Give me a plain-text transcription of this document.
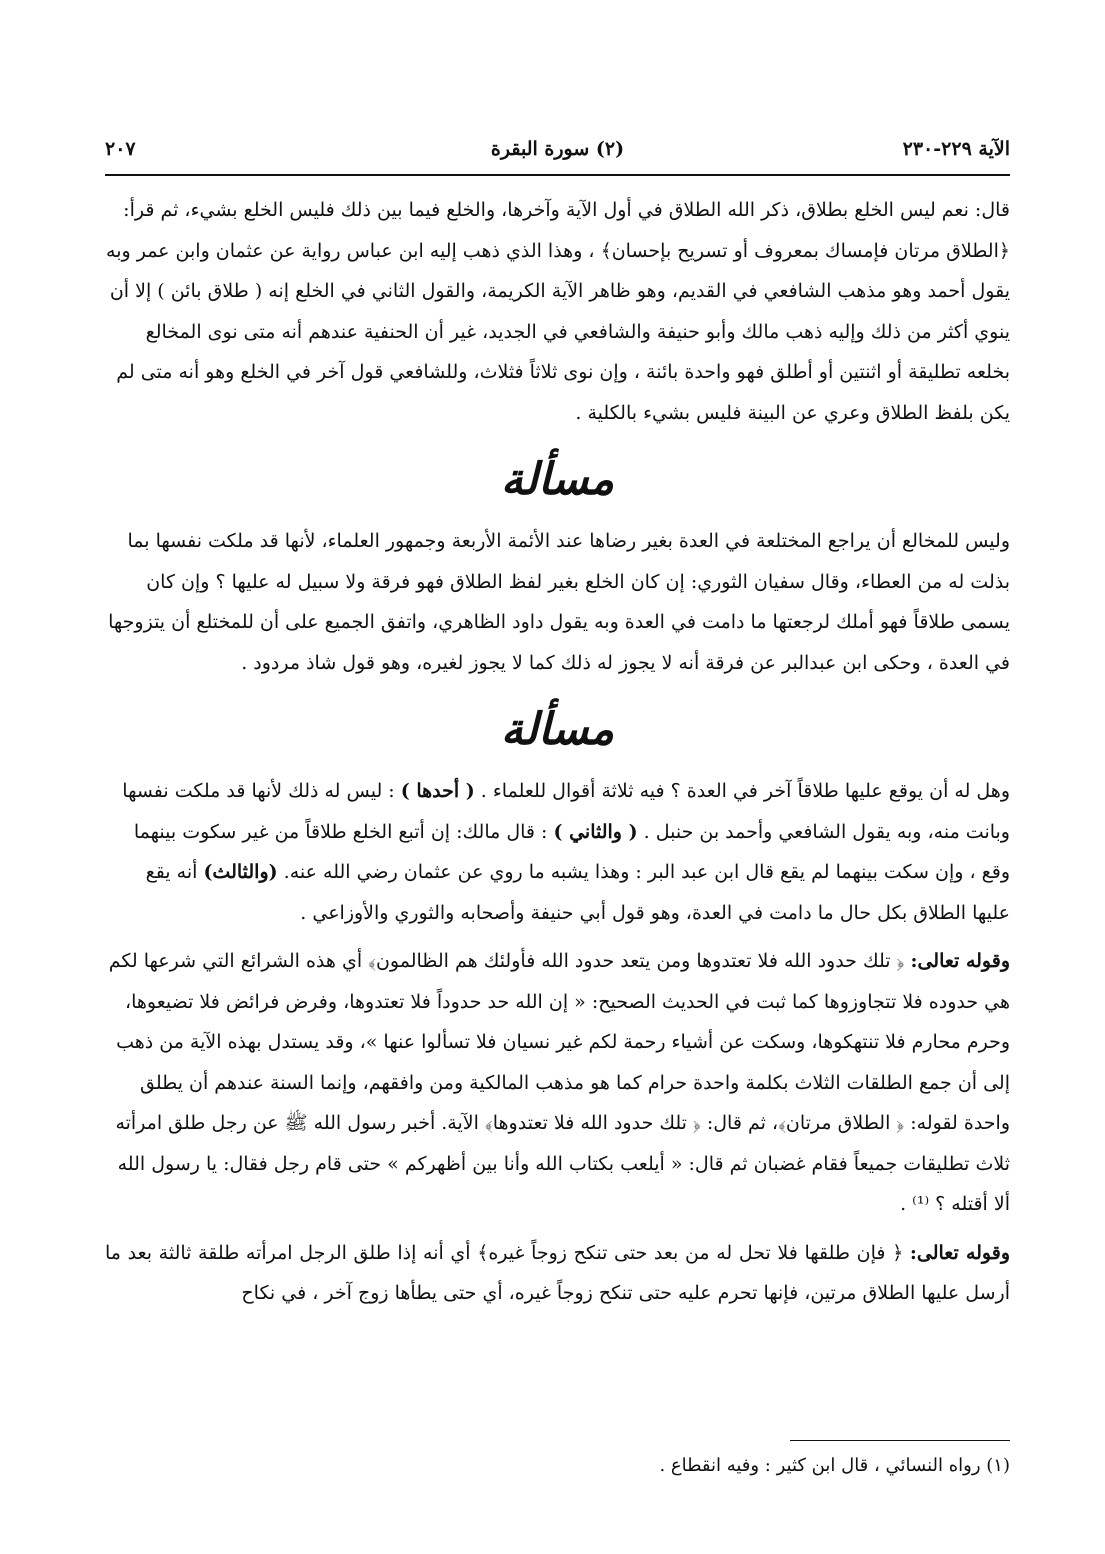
الآية ٢٢٩-٢٣٠
(٢) سورة البقرة
٢٠٧

قال: نعم ليس الخلع بطلاق، ذكر الله الطلاق في أول الآية وآخرها، والخلع فيما بين ذلك فليس الخلع بشيء، ثم قرأ: ﴿الطلاق مرتان فإمساك بمعروف أو تسريح بإحسان﴾ ، وهذا الذي ذهب إليه ابن عباس رواية عن عثمان وابن عمر وبه يقول أحمد وهو مذهب الشافعي في القديم، وهو ظاهر الآية الكريمة، والقول الثاني في الخلع إنه ( طلاق بائن ) إلا أن ينوي أكثر من ذلك وإليه ذهب مالك وأبو حنيفة والشافعي في الجديد، غير أن الحنفية عندهم أنه متى نوى المخالع بخلعه تطليقة أو اثنتين أو أطلق فهو واحدة بائنة ، وإن نوى ثلاثاً فثلاث، وللشافعي قول آخر في الخلع وهو أنه متى لم يكن بلفظ الطلاق وعري عن البينة فليس بشيء بالكلية .

مسألة

وليس للمخالع أن يراجع المختلعة في العدة بغير رضاها عند الأئمة الأربعة وجمهور العلماء، لأنها قد ملكت نفسها بما بذلت له من العطاء، وقال سفيان الثوري: إن كان الخلع بغير لفظ الطلاق فهو فرقة ولا سبيل له عليها ؟ وإن كان يسمى طلاقاً فهو أملك لرجعتها ما دامت في العدة وبه يقول داود الظاهري، واتفق الجميع على أن للمختلع أن يتزوجها في العدة ، وحكى ابن عبدالبر عن فرقة أنه لا يجوز له ذلك كما لا يجوز لغيره، وهو قول شاذ مردود .

مسألة

وهل له أن يوقع عليها طلاقاً آخر في العدة ؟ فيه ثلاثة أقوال للعلماء . ( أحدها ) : ليس له ذلك لأنها قد ملكت نفسها وبانت منه، وبه يقول الشافعي وأحمد بن حنبل . ( والثاني ) : قال مالك: إن أتبع الخلع طلاقاً من غير سكوت بينهما وقع ، وإن سكت بينهما لم يقع قال ابن عبد البر : وهذا يشبه ما روي عن عثمان رضي الله عنه. (والثالث) أنه يقع عليها الطلاق بكل حال ما دامت في العدة، وهو قول أبي حنيفة وأصحابه والثوري والأوزاعي .

وقوله تعالى: ﴿ تلك حدود الله فلا تعتدوها ومن يتعد حدود الله فأولئك هم الظالمون﴾ أي هذه الشرائع التي شرعها لكم هي حدوده فلا تتجاوزوها كما ثبت في الحديث الصحيح: « إن الله حد حدوداً فلا تعتدوها، وفرض فرائض فلا تضيعوها، وحرم محارم فلا تنتهكوها، وسكت عن أشياء رحمة لكم غير نسيان فلا تسألوا عنها »، وقد يستدل بهذه الآية من ذهب إلى أن جمع الطلقات الثلاث بكلمة واحدة حرام كما هو مذهب المالكية ومن وافقهم، وإنما السنة عندهم أن يطلق واحدة لقوله: ﴿ الطلاق مرتان﴾، ثم قال: ﴿ تلك حدود الله فلا تعتدوها﴾ الآية. أخبر رسول الله ﷺ عن رجل طلق امرأته ثلاث تطليقات جميعاً فقام غضبان ثم قال: « أيلعب بكتاب الله وأنا بين أظهركم » حتى قام رجل فقال: يا رسول الله ألا أقتله ؟ ⁽¹⁾ .

وقوله تعالى: ﴿ فإن طلقها فلا تحل له من بعد حتى تنكح زوجاً غيره﴾ أي أنه إذا طلق الرجل امرأته طلقة ثالثة بعد ما أرسل عليها الطلاق مرتين، فإنها تحرم عليه حتى تنكح زوجاً غيره، أي حتى يطأها زوج آخر ، في نكاح

(١) رواه النسائي ، قال ابن كثير : وفيه انقطاع .
